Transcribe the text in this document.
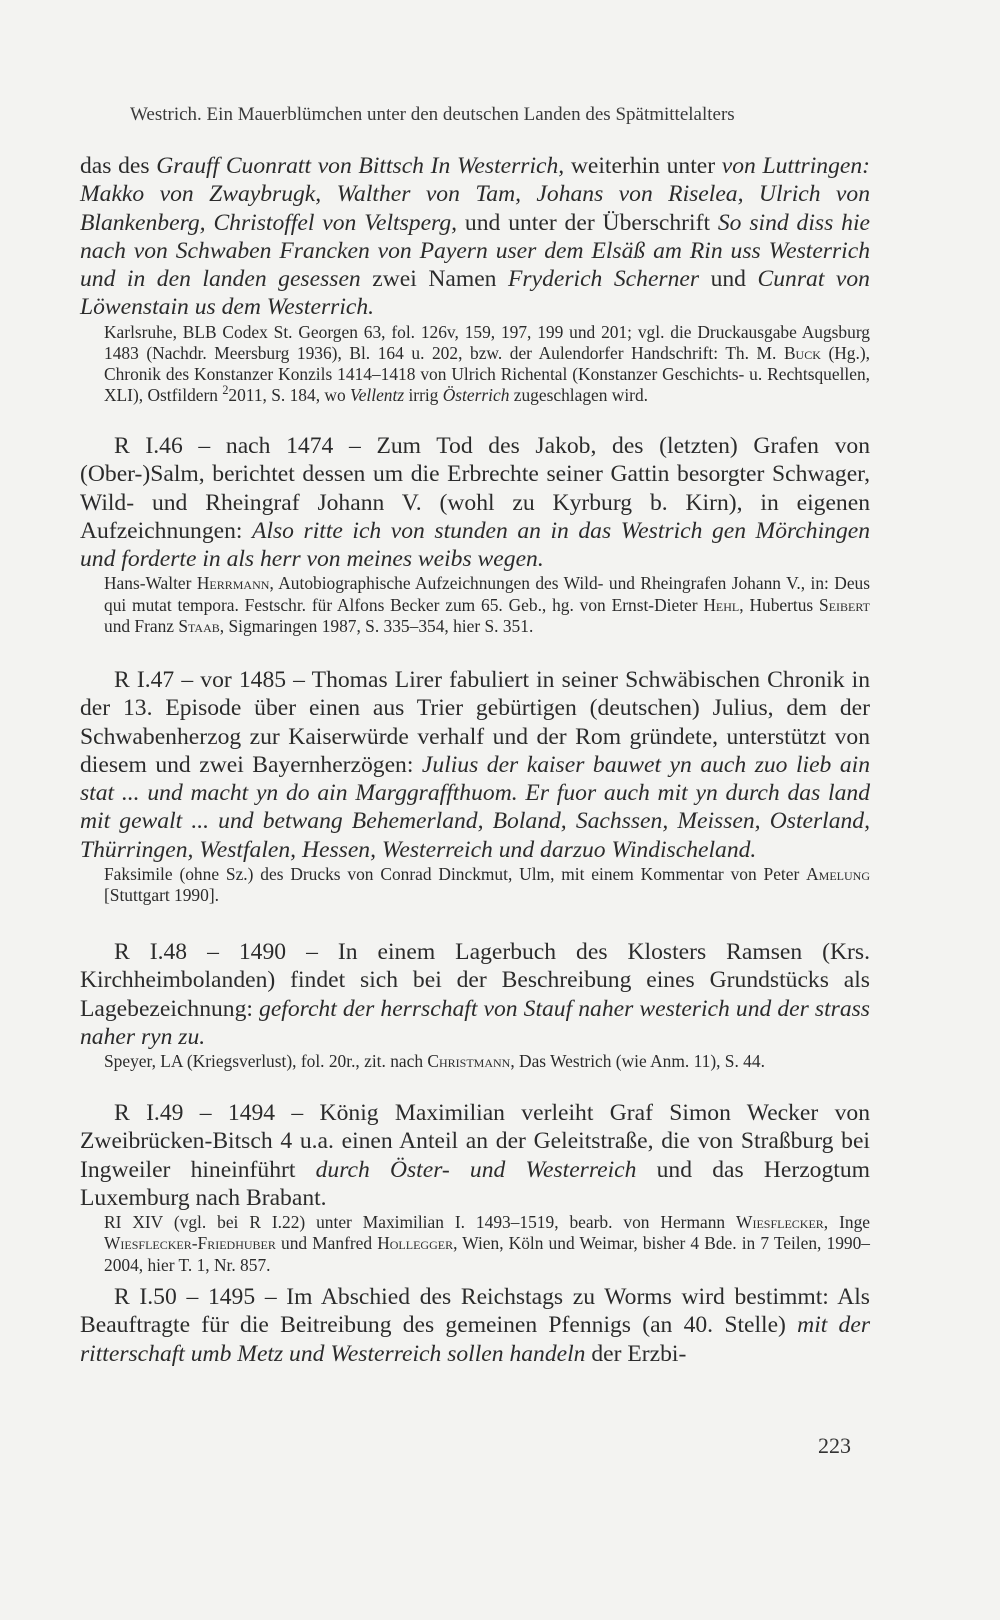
Westrich. Ein Mauerblümchen unter den deutschen Landen des Spätmittelalters
das des Grauff Cuonratt von Bittsch In Westerrich, weiterhin unter von Luttringen: Makko von Zwaybrugk, Walther von Tam, Johans von Riselea, Ulrich von Blankenberg, Christoffel von Veltsperg, und unter der Überschrift So sind diss hie nach von Schwaben Francken von Payern user dem Elsäß am Rin uss Westerrich und in den landen gesessen zwei Namen Fryderich Scherner und Cunrat von Löwenstain us dem Westerrich.
Karlsruhe, BLB Codex St. Georgen 63, fol. 126v, 159, 197, 199 und 201; vgl. die Druckausgabe Augsburg 1483 (Nachdr. Meersburg 1936), Bl. 164 u. 202, bzw. der Aulendorfer Handschrift: Th. M. Buck (Hg.), Chronik des Konstanzer Konzils 1414–1418 von Ulrich Richental (Konstanzer Geschichts- u. Rechtsquellen, XLI), Ostfildern $^2$2011, S. 184, wo Vellentz irrig Österrich zugeschlagen wird.
R I.46 – nach 1474 – Zum Tod des Jakob, des (letzten) Grafen von (Ober-)Salm, berichtet dessen um die Erbrechte seiner Gattin besorgter Schwager, Wild- und Rheingraf Johann V. (wohl zu Kyrburg b. Kirn), in eigenen Aufzeichnungen: Also ritte ich von stunden an in das Westrich gen Mörchingen und forderte in als herr von meines weibs wegen.
Hans-Walter Herrmann, Autobiographische Aufzeichnungen des Wild- und Rheingrafen Johann V., in: Deus qui mutat tempora. Festschr. für Alfons Becker zum 65. Geb., hg. von Ernst-Dieter Hehl, Hubertus Seibert und Franz Staab, Sigmaringen 1987, S. 335–354, hier S. 351.
R I.47 – vor 1485 – Thomas Lirer fabuliert in seiner Schwäbischen Chronik in der 13. Episode über einen aus Trier gebürtigen (deutschen) Julius, dem der Schwabenherzog zur Kaiserwürde verhalf und der Rom gründete, unterstützt von diesem und zwei Bayernherzögen: Julius der kaiser bauwet yn auch zuo lieb ain stat ... und macht yn do ain Marggraffthuom. Er fuor auch mit yn durch das land mit gewalt ... und betwang Behemerland, Boland, Sachssen, Meissen, Osterland, Thürringen, Westfalen, Hessen, Westerreich und darzuo Windischeland.
Faksimile (ohne Sz.) des Drucks von Conrad Dinckmut, Ulm, mit einem Kommentar von Peter Amelung [Stuttgart 1990].
R I.48 – 1490 – In einem Lagerbuch des Klosters Ramsen (Krs. Kirchheimbolanden) findet sich bei der Beschreibung eines Grundstücks als Lagebezeichnung: geforcht der herrschaft von Stauf naher westerich und der strass naher ryn zu.
Speyer, LA (Kriegsverlust), fol. 20r., zit. nach Christmann, Das Westrich (wie Anm. 11), S. 44.
R I.49 – 1494 – König Maximilian verleiht Graf Simon Wecker von Zweibrücken-Bitsch 4 u.a. einen Anteil an der Geleitstraße, die von Straßburg bei Ingweiler hineinführt durch Öster- und Westerreich und das Herzogtum Luxemburg nach Brabant.
RI XIV (vgl. bei R I.22) unter Maximilian I. 1493–1519, bearb. von Hermann Wiesflecker, Inge Wiesflecker-Friedhuber und Manfred Hollegger, Wien, Köln und Weimar, bisher 4 Bde. in 7 Teilen, 1990–2004, hier T. 1, Nr. 857.
R I.50 – 1495 – Im Abschied des Reichstags zu Worms wird bestimmt: Als Beauftragte für die Beitreibung des gemeinen Pfennigs (an 40. Stelle) mit der ritterschaft umb Metz und Westerreich sollen handeln der Erzbi-
223
